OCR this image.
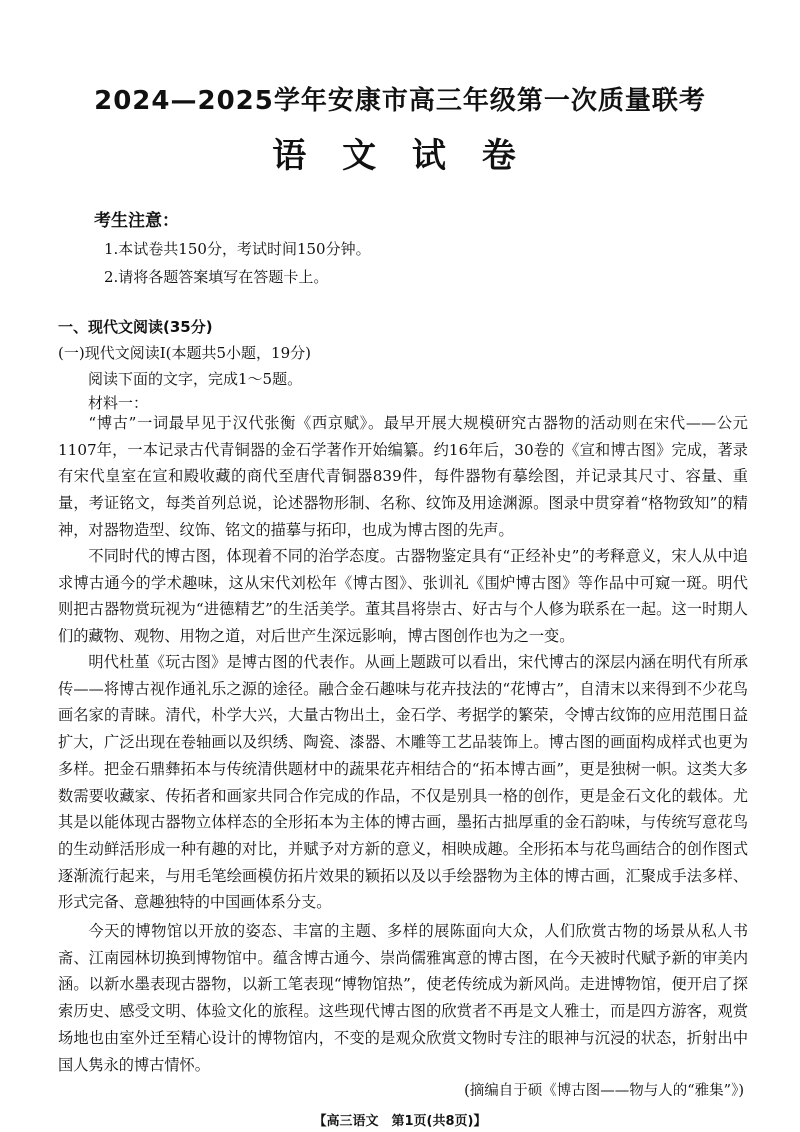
2024—2025学年安康市高三年级第一次质量联考
语 文 试 卷
考生注意：
1.本试卷共150分，考试时间150分钟。
2.请将各题答案填写在答题卡上。
一、现代文阅读(35分)
(一)现代文阅读Ⅰ(本题共5小题，19分)
阅读下面的文字，完成1～5题。
材料一：

“博古”一词最早见于汉代张衡《西京赋》。最早开展大规模研究古器物的活动则在宋代——公元1107年，一本记录古代青铜器的金石学著作开始编纂。约16年后，30卷的《宣和博古图》完成，著录有宋代皇室在宣和殿收藏的商代至唐代青铜器839件，每件器物有摹绘图，并记录其尺寸、容量、重量，考证铭文，每类首列总说，论述器物形制、名称、纹饰及用途渊源。图录中贯穿着“格物致知”的精神，对器物造型、纹饰、铭文的描摹与拓印，也成为博古图的先声。

不同时代的博古图，体现着不同的治学态度。古器物鉴定具有“正经补史”的考释意义，宋人从中追求博古通今的学术趣味，这从宋代刘松年《博古图》、张训礼《围炉博古图》等作品中可窥一斑。明代则把古器物赏玩视为“进德精艺”的生活美学。董其昌将崇古、好古与个人修为联系在一起。这一时期人们的藏物、观物、用物之道，对后世产生深远影响，博古图创作也为之一变。

明代杜堇《玩古图》是博古图的代表作。从画上题跋可以看出，宋代博古的深层内涵在明代有所承传——将博古视作通礼乐之源的途径。融合金石趣味与花卉技法的“花博古”，自清末以来得到不少花鸟画名家的青睐。清代，朴学大兴，大量古物出土，金石学、考据学的繁荣，令博古纹饰的应用范围日益扩大，广泛出现在卷轴画以及织绣、陶瓷、漆器、木雕等工艺品装饰上。博古图的画面构成样式也更为多样。把金石鼎彝拓本与传统清供题材中的蔬果花卉相结合的“拓本博古画”，更是独树一帜。这类大多数需要收藏家、传拓者和画家共同合作完成的作品，不仅是别具一格的创作，更是金石文化的载体。尤其是以能体现古器物立体样态的全形拓本为主体的博古画，墨拓古拙厚重的金石韵味，与传统写意花鸟的生动鲜活形成一种有趣的对比，并赋予对方新的意义，相映成趣。全形拓本与花鸟画结合的创作图式逐渐流行起来，与用毛笔绘画模仿拓片效果的颖拓以及以手绘器物为主体的博古画，汇聚成手法多样、形式完备、意趣独特的中国画体系分支。

今天的博物馆以开放的姿态、丰富的主题、多样的展陈面向大众，人们欣赏古物的场景从私人书斋、江南园林切换到博物馆中。蕴含博古通今、崇尚儒雅寓意的博古图，在今天被时代赋予新的审美内涵。以新水墨表现古器物，以新工笔表现“博物馆热”，使老传统成为新风尚。走进博物馆，便开启了探索历史、感受文明、体验文化的旅程。这些现代博古图的欣赏者不再是文人雅士，而是四方游客，观赏场地也由室外迁至精心设计的博物馆内，不变的是观众欣赏文物时专注的眼神与沉浸的状态，折射出中国人隽永的博古情怀。

(摘编自于硕《博古图——物与人的“雅集”》)
【高三语文　第1页(共8页)】
